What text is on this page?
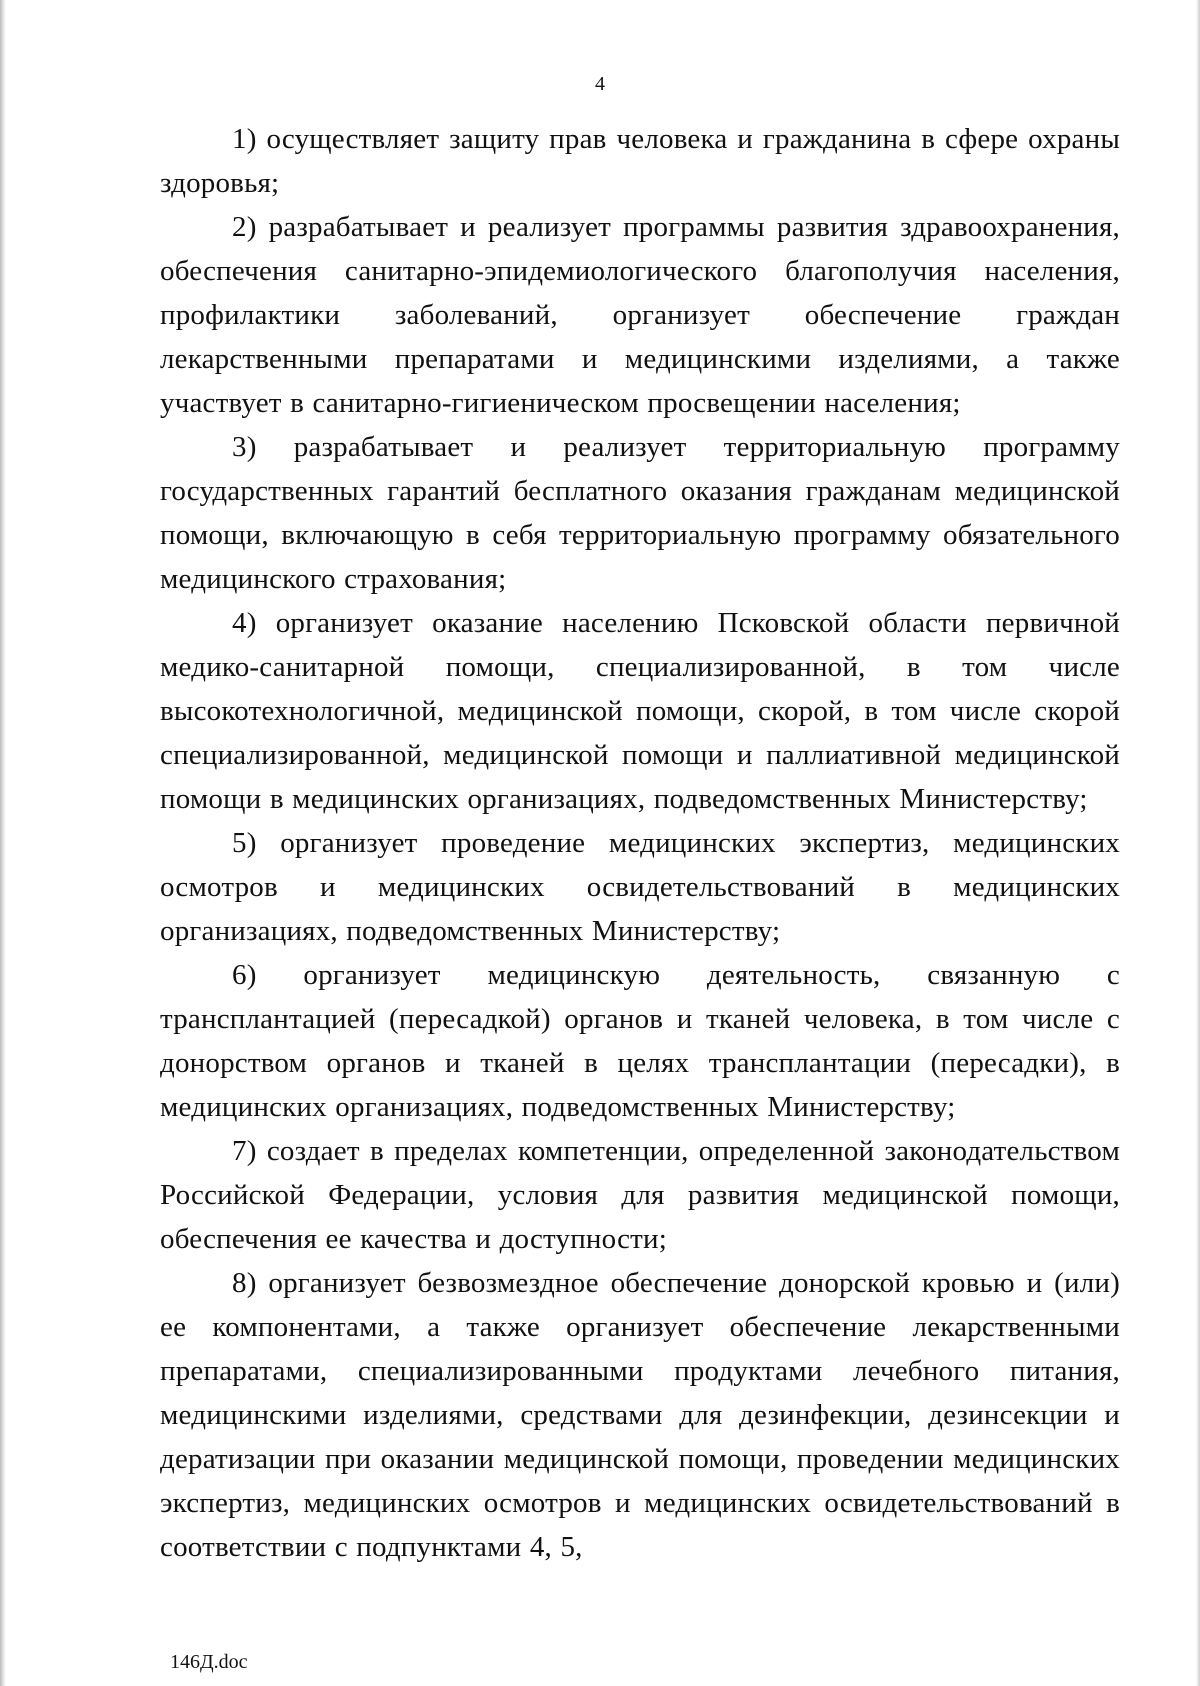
4

1) осуществляет защиту прав человека и гражданина в сфере охраны здоровья;

2) разрабатывает и реализует программы развития здравоохранения, обеспечения санитарно-эпидемиологического благополучия населения, профилактики заболеваний, организует обеспечение граждан лекарственными препаратами и медицинскими изделиями, а также участвует в санитарно-гигиеническом просвещении населения;

3) разрабатывает и реализует территориальную программу государственных гарантий бесплатного оказания гражданам медицинской помощи, включающую в себя территориальную программу обязательного медицинского страхования;

4) организует оказание населению Псковской области первичной медико-санитарной помощи, специализированной, в том числе высокотехнологичной, медицинской помощи, скорой, в том числе скорой специализированной, медицинской помощи и паллиативной медицинской помощи в медицинских организациях, подведомственных Министерству;

5) организует проведение медицинских экспертиз, медицинских осмотров и медицинских освидетельствований в медицинских организациях, подведомственных Министерству;

6) организует медицинскую деятельность, связанную с трансплантацией (пересадкой) органов и тканей человека, в том числе с донорством органов и тканей в целях трансплантации (пересадки), в медицинских организациях, подведомственных Министерству;

7) создает в пределах компетенции, определенной законодательством Российской Федерации, условия для развития медицинской помощи, обеспечения ее качества и доступности;

8) организует безвозмездное обеспечение донорской кровью и (или) ее компонентами, а также организует обеспечение лекарственными препаратами, специализированными продуктами лечебного питания, медицинскими изделиями, средствами для дезинфекции, дезинсекции и дератизации при оказании медицинской помощи, проведении медицинских экспертиз, медицинских осмотров и медицинских освидетельствований в соответствии с подпунктами 4, 5,

146Д.doc
